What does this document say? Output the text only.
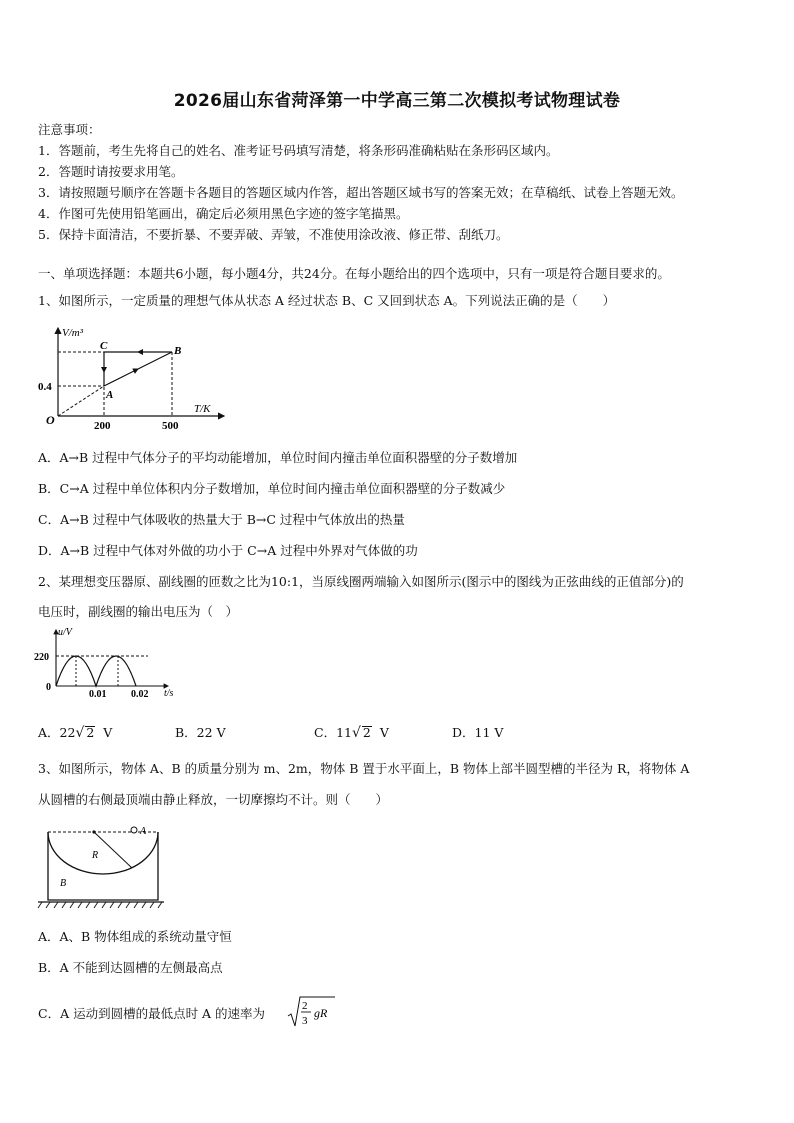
2026届山东省菏泽第一中学高三第二次模拟考试物理试卷
注意事项：
1．答题前，考生先将自己的姓名、准考证号码填写清楚，将条形码准确粘贴在条形码区域内。
2．答题时请按要求用笔。
3．请按照题号顺序在答题卡各题目的答题区域内作答，超出答题区域书写的答案无效；在草稿纸、试卷上答题无效。
4．作图可先使用铅笔画出，确定后必须用黑色字迹的签字笔描黑。
5．保持卡面清洁，不要折暴、不要弄破、弄皱，不准使用涂改液、修正带、刮纸刀。
一、单项选择题：本题共6小题，每小题4分，共24分。在每小题给出的四个选项中，只有一项是符合题目要求的。
1、如图所示，一定质量的理想气体从状态 A 经过状态 B、C 又回到状态 A。下列说法正确的是（　　）
V/m³
T/K
0.4
200	500
O
A
B
C
A．A→B 过程中气体分子的平均动能增加，单位时间内撞击单位面积器壁的分子数增加
B．C→A 过程中单位体积内分子数增加，单位时间内撞击单位面积器壁的分子数减少
C．A→B 过程中气体吸收的热量大于 B→C 过程中气体放出的热量
D．A→B 过程中气体对外做的功小于 C→A 过程中外界对气体做的功
2、某理想变压器原、副线圈的匝数之比为10:1，当原线圈两端输入如图所示(图示中的图线为正弦曲线的正值部分)的
电压时，副线圈的输出电压为（　）
u/V
220
0
0.01 0.02 t/s
A．22√ 2 V	B．22 V	C．11√ 2 V	D．11 V
3、如图所示，物体 A、B 的质量分别为 m、2m，物体 B 置于水平面上，B 物体上部半圆型槽的半径为 R，将物体 A
从圆槽的右侧最顶端由静止释放，一切摩擦均不计。则（　　）
A
B
R
A．A、B 物体组成的系统动量守恒
B．A 不能到达圆槽的左侧最高点
C．A 运动到圆槽的最低点时 A 的速率为	2
3
gR
